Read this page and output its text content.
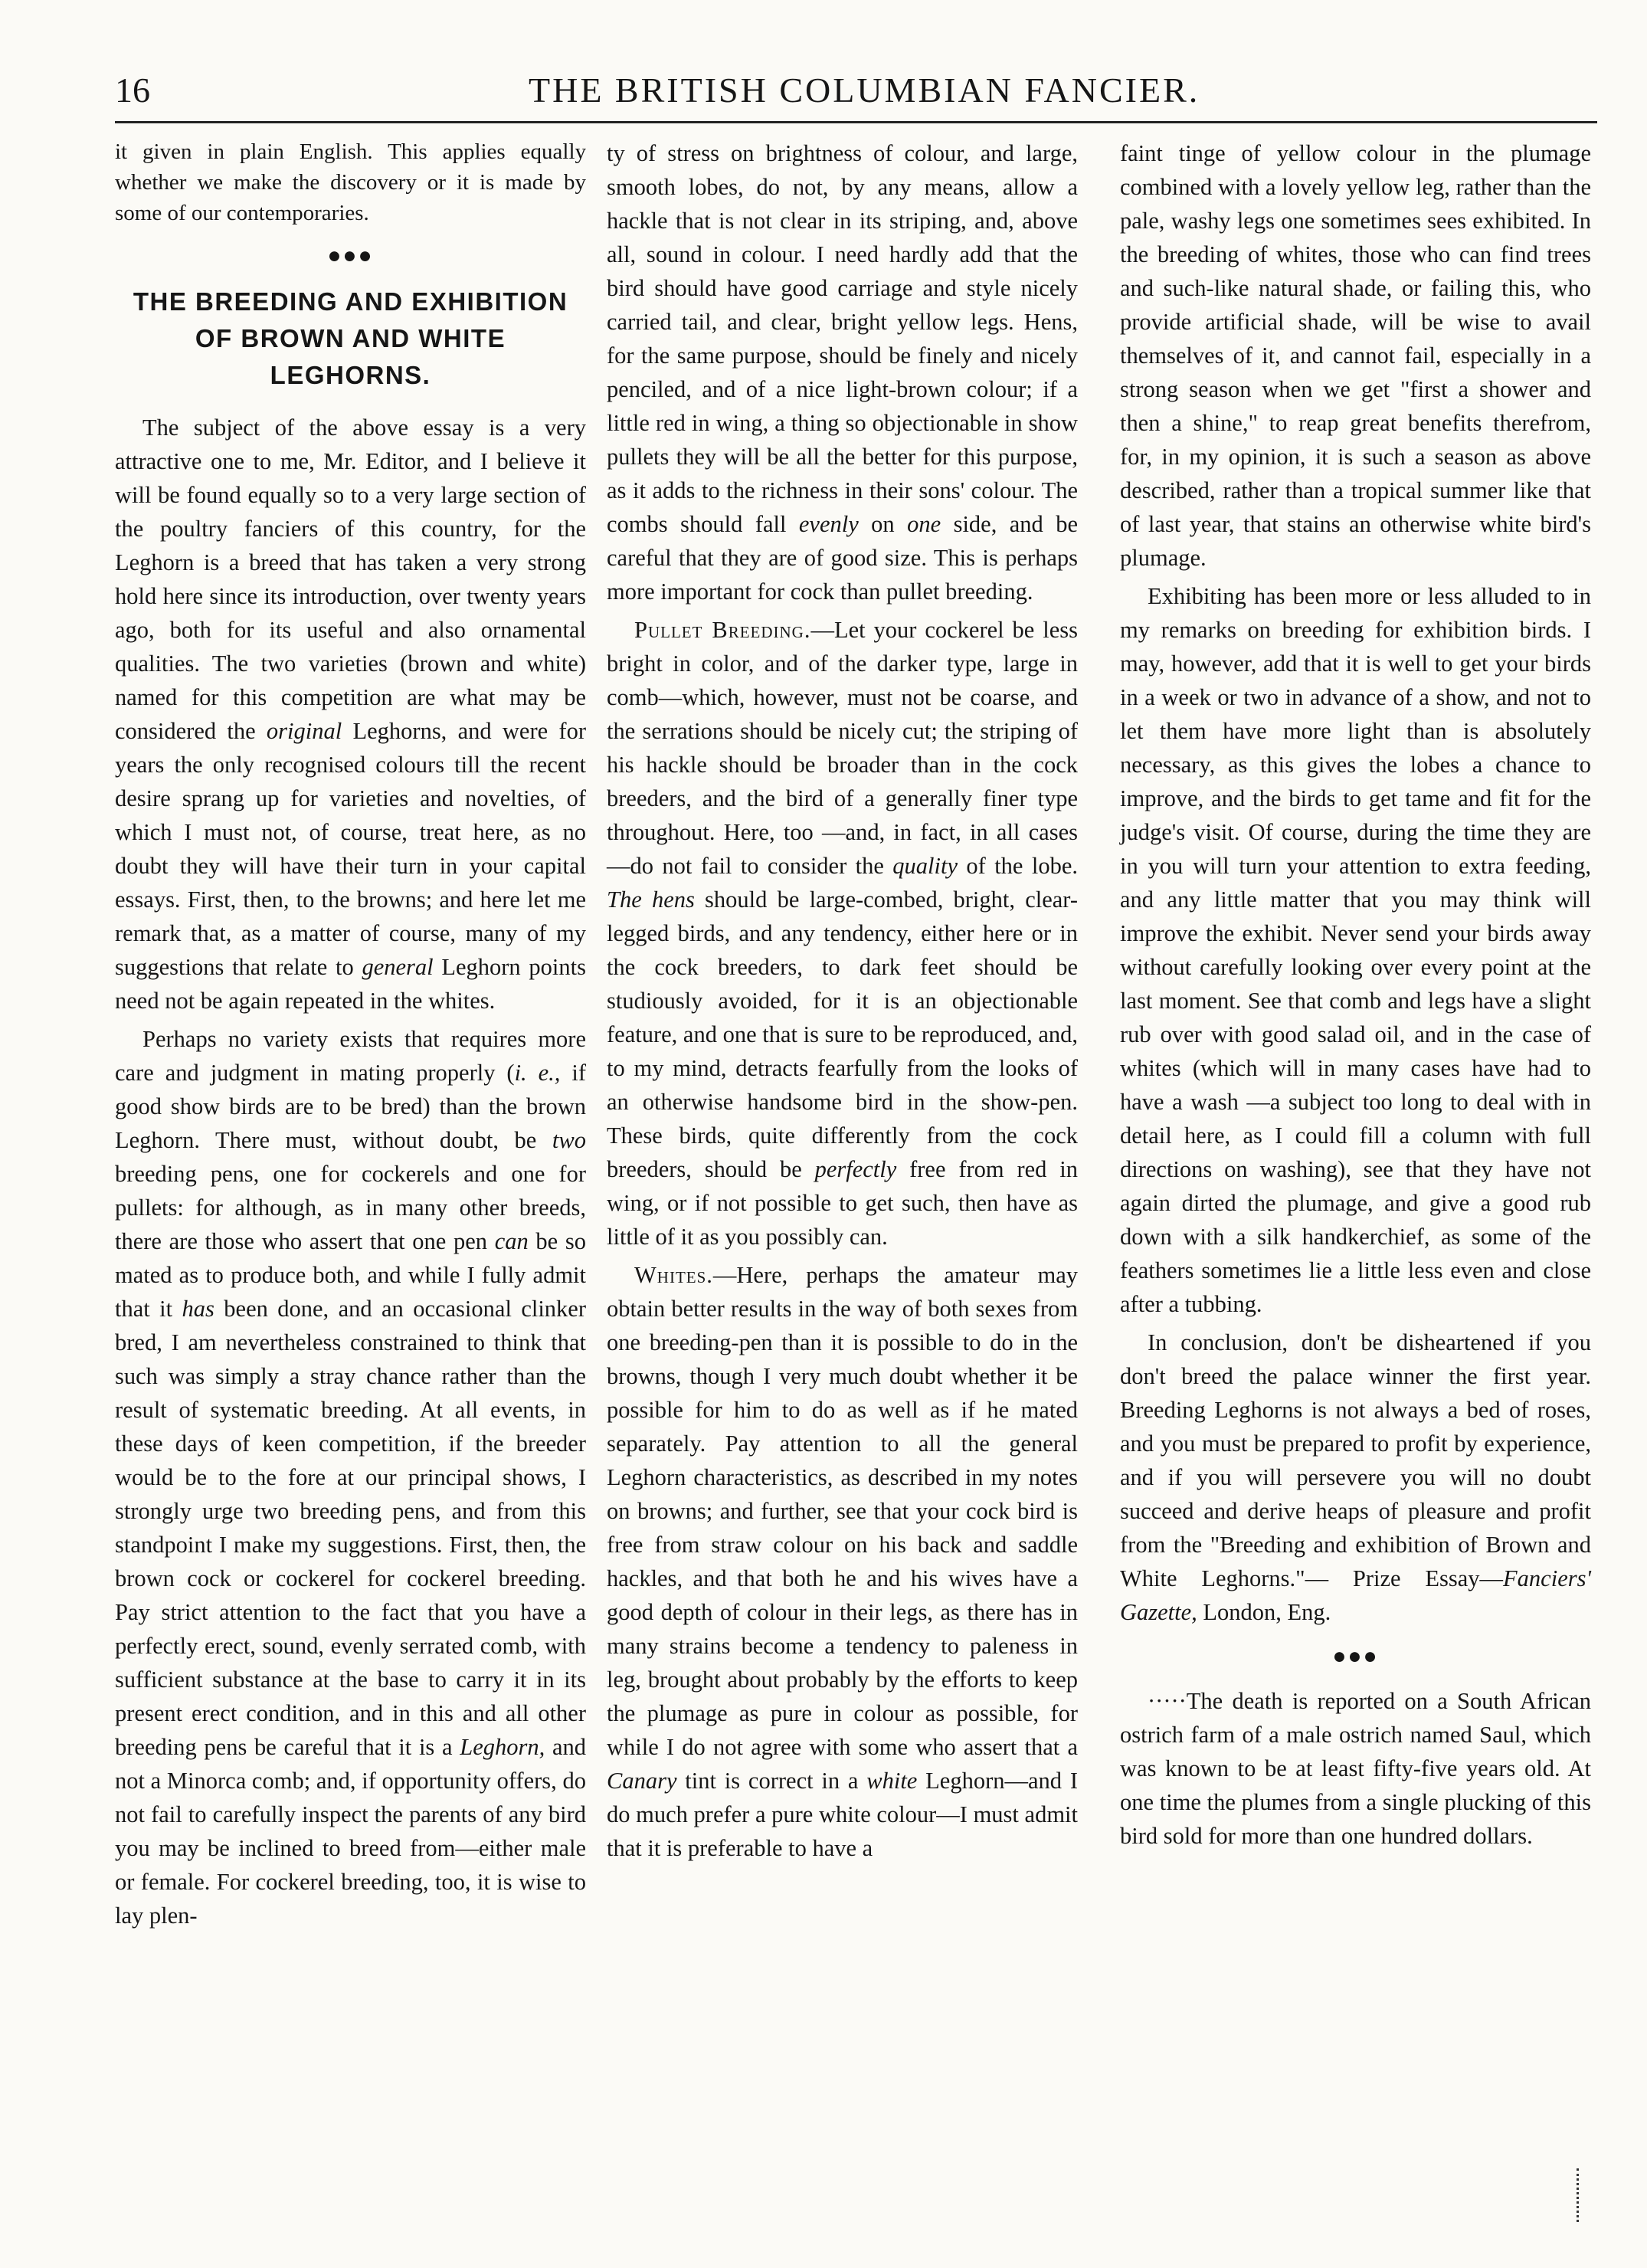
16	THE BRITISH COLUMBIAN FANCIER.

it given in plain English. This applies equally whether we make the discovery or it is made by some of our contemporaries.

●●●
THE BREEDING AND EXHIBITION OF BROWN AND WHITE LEGHORNS.

The subject of the above essay is a very attractive one to me, Mr. Editor, and I believe it will be found equally so to a very large section of the poultry fanciers of this country, for the Leghorn is a breed that has taken a very strong hold here since its introduction, over twenty years ago, both for its useful and also ornamental qualities. The two varieties (brown and white) named for this competition are what may be considered the original Leghorns, and were for years the only recognised colours till the recent desire sprang up for varieties and novelties, of which I must not, of course, treat here, as no doubt they will have their turn in your capital essays. First, then, to the browns; and here let me remark that, as a matter of course, many of my suggestions that relate to general Leghorn points need not be again repeated in the whites.

Perhaps no variety exists that requires more care and judgment in mating properly (i. e., if good show birds are to be bred) than the brown Leghorn. There must, without doubt, be two breeding pens, one for cockerels and one for pullets: for although, as in many other breeds, there are those who assert that one pen can be so mated as to produce both, and while I fully admit that it has been done, and an occasional clinker bred, I am nevertheless constrained to think that such was simply a stray chance rather than the result of systematic breeding. At all events, in these days of keen competition, if the breeder would be to the fore at our principal shows, I strongly urge two breeding pens, and from this standpoint I make my suggestions. First, then, the brown cock or cockerel for cockerel breeding. Pay strict attention to the fact that you have a perfectly erect, sound, evenly serrated comb, with sufficient substance at the base to carry it in its present erect condition, and in this and all other breeding pens be careful that it is a Leghorn, and not a Minorca comb; and, if opportunity offers, do not fail to carefully inspect the parents of any bird you may be inclined to breed from—either male or female. For cockerel breeding, too, it is wise to lay plen-

ty of stress on brightness of colour, and large, smooth lobes, do not, by any means, allow a hackle that is not clear in its striping, and, above all, sound in colour. I need hardly add that the bird should have good carriage and style nicely carried tail, and clear, bright yellow legs. Hens, for the same purpose, should be finely and nicely penciled, and of a nice light-brown colour; if a little red in wing, a thing so objectionable in show pullets they will be all the better for this purpose, as it adds to the richness in their sons' colour. The combs should fall evenly on one side, and be careful that they are of good size. This is perhaps more important for cock than pullet breeding.

Pullet Breeding.—Let your cockerel be less bright in color, and of the darker type, large in comb—which, however, must not be coarse, and the serrations should be nicely cut; the striping of his hackle should be broader than in the cock breeders, and the bird of a generally finer type throughout. Here, too —and, in fact, in all cases—do not fail to consider the quality of the lobe. The hens should be large-combed, bright, clear-legged birds, and any tendency, either here or in the cock breeders, to dark feet should be studiously avoided, for it is an objectionable feature, and one that is sure to be reproduced, and, to my mind, detracts fearfully from the looks of an otherwise handsome bird in the show-pen. These birds, quite differently from the cock breeders, should be perfectly free from red in wing, or if not possible to get such, then have as little of it as you possibly can.

Whites.—Here, perhaps the amateur may obtain better results in the way of both sexes from one breeding-pen than it is possible to do in the browns, though I very much doubt whether it be possible for him to do as well as if he mated separately. Pay attention to all the general Leghorn characteristics, as described in my notes on browns; and further, see that your cock bird is free from straw colour on his back and saddle hackles, and that both he and his wives have a good depth of colour in their legs, as there has in many strains become a tendency to paleness in leg, brought about probably by the efforts to keep the plumage as pure in colour as possible, for while I do not agree with some who assert that a Canary tint is correct in a white Leghorn—and I do much prefer a pure white colour—I must admit that it is preferable to have a

faint tinge of yellow colour in the plumage combined with a lovely yellow leg, rather than the pale, washy legs one sometimes sees exhibited. In the breeding of whites, those who can find trees and such-like natural shade, or failing this, who provide artificial shade, will be wise to avail themselves of it, and cannot fail, especially in a strong season when we get "first a shower and then a shine," to reap great benefits therefrom, for, in my opinion, it is such a season as above described, rather than a tropical summer like that of last year, that stains an otherwise white bird's plumage.

Exhibiting has been more or less alluded to in my remarks on breeding for exhibition birds. I may, however, add that it is well to get your birds in a week or two in advance of a show, and not to let them have more light than is absolutely necessary, as this gives the lobes a chance to improve, and the birds to get tame and fit for the judge's visit. Of course, during the time they are in you will turn your attention to extra feeding, and any little matter that you may think will improve the exhibit. Never send your birds away without carefully looking over every point at the last moment. See that comb and legs have a slight rub over with good salad oil, and in the case of whites (which will in many cases have had to have a wash —a subject too long to deal with in detail here, as I could fill a column with full directions on washing), see that they have not again dirted the plumage, and give a good rub down with a silk handkerchief, as some of the feathers sometimes lie a little less even and close after a tubbing.

In conclusion, don't be disheartened if you don't breed the palace winner the first year. Breeding Leghorns is not always a bed of roses, and you must be prepared to profit by experience, and if you will persevere you will no doubt succeed and derive heaps of pleasure and profit from the "Breeding and exhibition of Brown and White Leghorns."— Prize Essay—Fanciers' Gazette, London, Eng.

●●●

·····The death is reported on a South African ostrich farm of a male ostrich named Saul, which was known to be at least fifty-five years old. At one time the plumes from a single plucking of this bird sold for more than one hundred dollars.
